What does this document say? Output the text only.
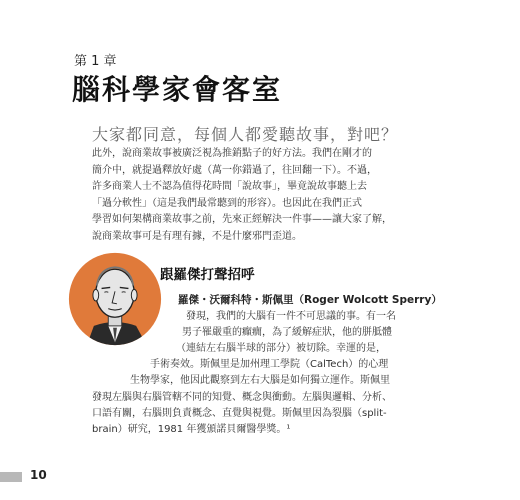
第 1 章
腦科學家會客室
大家都同意，每個人都愛聽故事，對吧？

此外，說商業故事被廣泛視為推銷點子的好方法。我們在剛才的

簡介中，就提過釋放好處（萬一你錯過了，往回翻一下）。不過，

許多商業人士不認為值得花時間「說故事」，畢竟說故事聽上去

「過分軟性」（這是我們最常聽到的形容）。也因此在我們正式

學習如何架構商業故事之前，先來正經解決一件事——讓大家了解，

說商業故事可是有理有據，不是什麼邪門歪道。

跟羅傑打聲招呼
羅傑・沃爾科特・斯佩里（Roger Wolcott Sperry）
發現，我們的大腦有一件不可思議的事。有一名
男子罹嚴重的癲癇，為了緩解症狀，他的胼胝體
（連結左右腦半球的部分）被切除。幸運的是，
手術奏效。斯佩里是加州理工學院（CalTech）的心理
生物學家，他因此觀察到左右大腦是如何獨立運作。斯佩里
發現左腦與右腦管轄不同的知覺、概念與衝動。左腦與邏輯、分析、
口語有關，右腦則負責概念、直覺與視覺。斯佩里因為裂腦（split-
brain）研究，1981 年獲頒諾貝爾醫學獎。¹
10
